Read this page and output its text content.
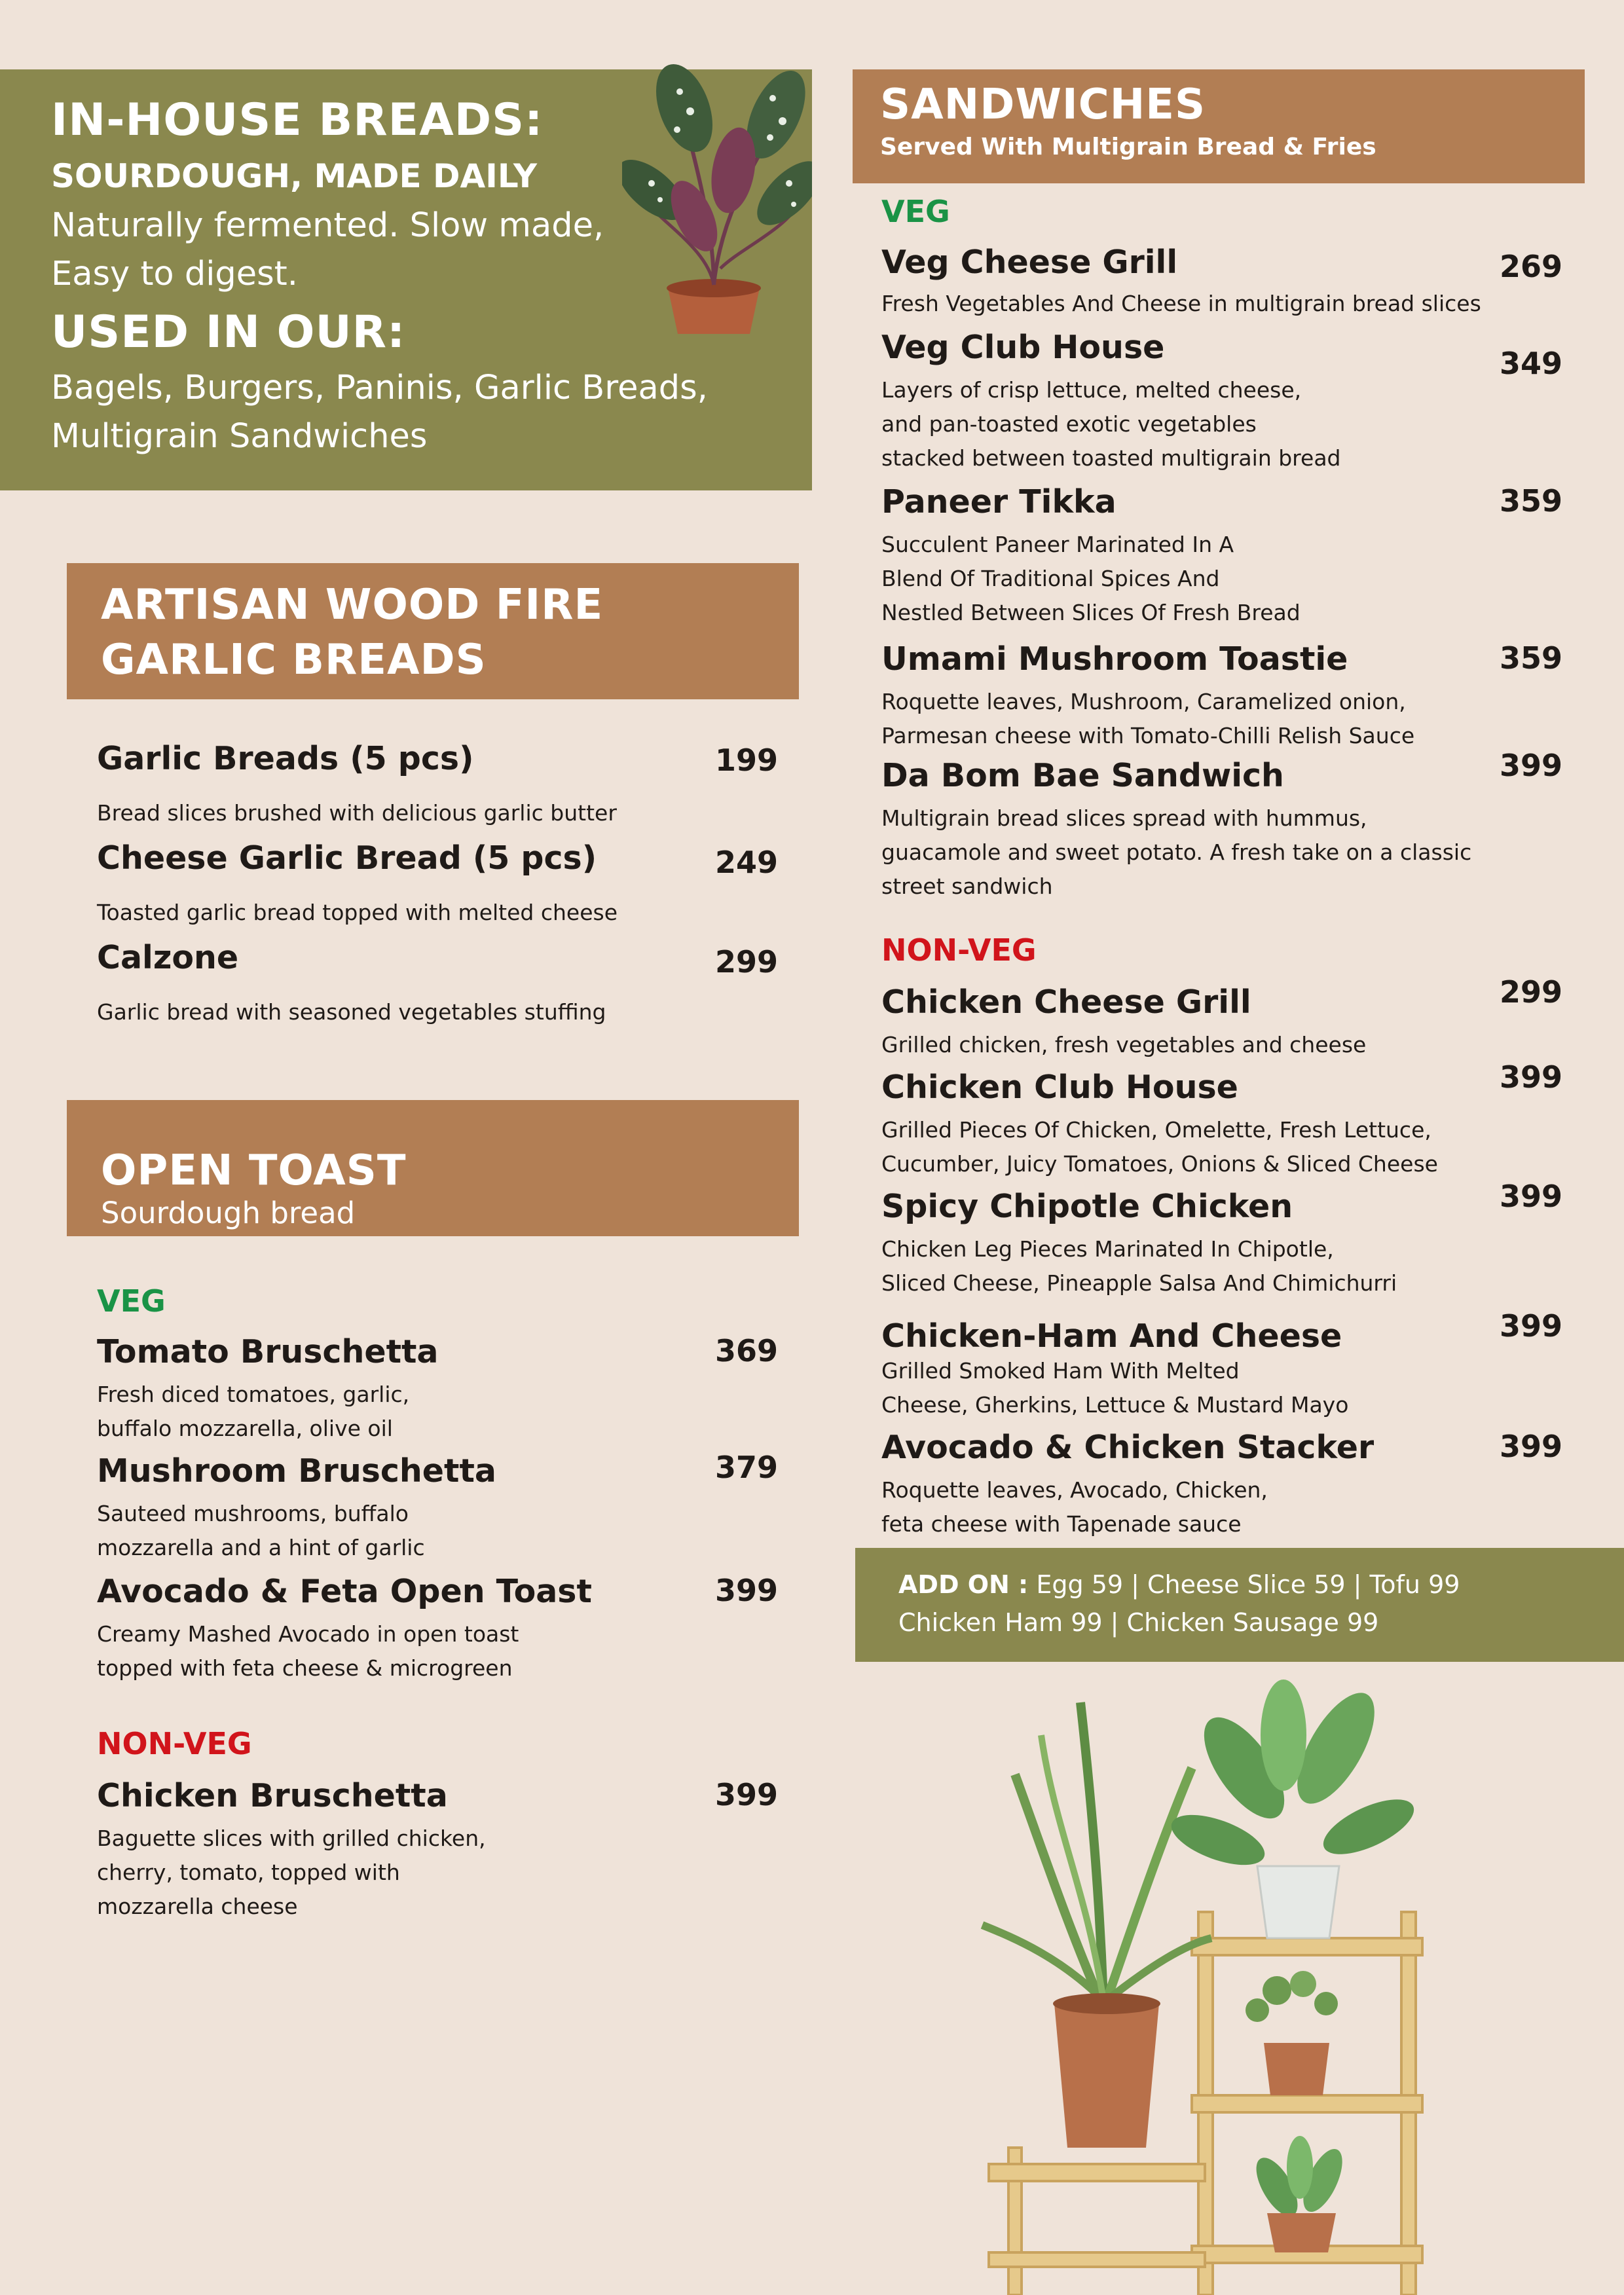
IN-HOUSE BREADS:
SOURDOUGH, MADE DAILY
Naturally fermented. Slow made,
Easy to digest.
USED IN OUR:
Bagels, Burgers, Paninis, Garlic Breads,
Multigrain Sandwiches
ARTISAN WOOD FIRE
GARLIC BREADS
Garlic Breads (5 pcs)	199
Bread slices brushed with delicious garlic butter
Cheese Garlic Bread (5 pcs)	249
Toasted garlic bread topped with melted cheese
Calzone	299
Garlic bread with seasoned vegetables stuffing
OPEN TOAST
Sourdough bread
VEG
Tomato Bruschetta	369
Fresh diced tomatoes, garlic,
buffalo mozzarella, olive oil
Mushroom Bruschetta	379
Sauteed mushrooms, buffalo
mozzarella and a hint of garlic
Avocado & Feta Open Toast	399
Creamy Mashed Avocado in open toast
topped with feta cheese & microgreen
NON-VEG
Chicken Bruschetta	399
Baguette slices with grilled chicken,
cherry, tomato, topped with
mozzarella cheese
SANDWICHES
Served With Multigrain Bread & Fries
VEG
Veg Cheese Grill	269
Fresh Vegetables And Cheese in multigrain bread slices
Veg Club House	349
Layers of crisp lettuce, melted cheese,
and pan-toasted exotic vegetables
stacked between toasted multigrain bread
Paneer Tikka	359
Succulent Paneer Marinated In A
Blend Of Traditional Spices And
Nestled Between Slices Of Fresh Bread
Umami Mushroom Toastie	359
Roquette leaves, Mushroom, Caramelized onion,
Parmesan cheese with Tomato-Chilli Relish Sauce
Da Bom Bae Sandwich	399
Multigrain bread slices spread with hummus,
guacamole and sweet potato. A fresh take on a classic
street sandwich
NON-VEG
Chicken Cheese Grill	299
Grilled chicken, fresh vegetables and cheese
Chicken Club House	399
Grilled Pieces Of Chicken, Omelette, Fresh Lettuce,
Cucumber, Juicy Tomatoes, Onions & Sliced Cheese
Spicy Chipotle Chicken	399
Chicken Leg Pieces Marinated In Chipotle,
Sliced Cheese, Pineapple Salsa And Chimichurri
Chicken-Ham And Cheese	399
Grilled Smoked Ham With Melted
Cheese, Gherkins, Lettuce & Mustard Mayo
Avocado & Chicken Stacker	399
Roquette leaves, Avocado, Chicken,
feta cheese with Tapenade sauce
ADD ON : Egg 59 | Cheese Slice 59 | Tofu 99
Chicken Ham 99 | Chicken Sausage 99
